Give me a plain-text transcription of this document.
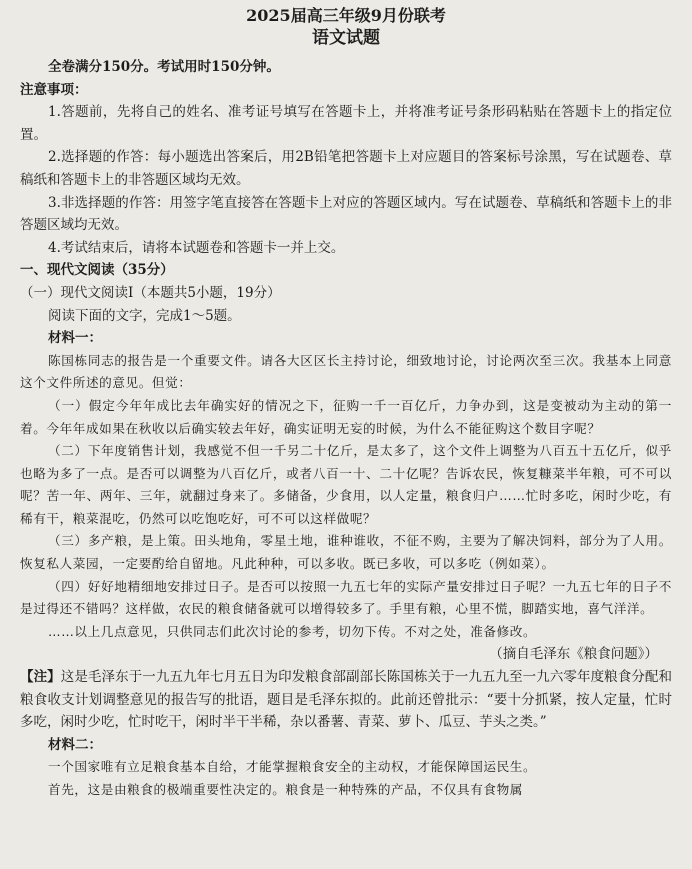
2025届高三年级9月份联考

语文试题

全卷满分150分。考试用时150分钟。

注意事项：

1.答题前，先将自己的姓名、准考证号填写在答题卡上，并将准考证号条形码粘贴在答题卡上的指定位置。

2.选择题的作答：每小题选出答案后，用2B铅笔把答题卡上对应题目的答案标号涂黑，写在试题卷、草稿纸和答题卡上的非答题区域均无效。

3.非选择题的作答：用签字笔直接答在答题卡上对应的答题区域内。写在试题卷、草稿纸和答题卡上的非答题区域均无效。

4.考试结束后，请将本试题卷和答题卡一并上交。

一、现代文阅读（35分）

（一）现代文阅读Ⅰ（本题共5小题，19分）

阅读下面的文字，完成1～5题。

材料一：

陈国栋同志的报告是一个重要文件。请各大区区长主持讨论，细致地讨论，讨论两次至三次。我基本上同意这个文件所述的意见。但觉：

（一）假定今年年成比去年确实好的情况之下，征购一千一百亿斤，力争办到，这是变被动为主动的第一着。今年年成如果在秋收以后确实较去年好，确实证明无妄的时候，为什么不能征购这个数目字呢？

（二）下年度销售计划，我感觉不但一千另二十亿斤，是太多了，这个文件上调整为八百五十五亿斤，似乎也略为多了一点。是否可以调整为八百亿斤，或者八百一十、二十亿呢？告诉农民，恢复糠菜半年粮，可不可以呢？苦一年、两年、三年，就翻过身来了。多储备，少食用，以人定量，粮食归户……忙时多吃，闲时少吃，有稀有干，粮菜混吃，仍然可以吃饱吃好，可不可以这样做呢？

（三）多产粮，是上策。田头地角，零星土地，谁种谁收，不征不购，主要为了解决饲料，部分为了人用。恢复私人菜园，一定要酌给自留地。凡此种种，可以多收。既已多收，可以多吃（例如菜）。

（四）好好地精细地安排过日子。是否可以按照一九五七年的实际产量安排过日子呢？一九五七年的日子不是过得还不错吗？这样做，农民的粮食储备就可以增得较多了。手里有粮，心里不慌，脚踏实地，喜气洋洋。

……以上几点意见，只供同志们此次讨论的参考，切勿下传。不对之处，准备修改。

（摘自毛泽东《粮食问题》）

【注】这是毛泽东于一九五九年七月五日为印发粮食部副部长陈国栋关于一九五九至一九六零年度粮食分配和粮食收支计划调整意见的报告写的批语，题目是毛泽东拟的。此前还曾批示：“要十分抓紧，按人定量，忙时多吃，闲时少吃，忙时吃干，闲时半干半稀，杂以番薯、青菜、萝卜、瓜豆、芋头之类。”

材料二：

一个国家唯有立足粮食基本自给，才能掌握粮食安全的主动权，才能保障国运民生。

首先，这是由粮食的极端重要性决定的。粮食是一种特殊的产品，不仅具有食物属
